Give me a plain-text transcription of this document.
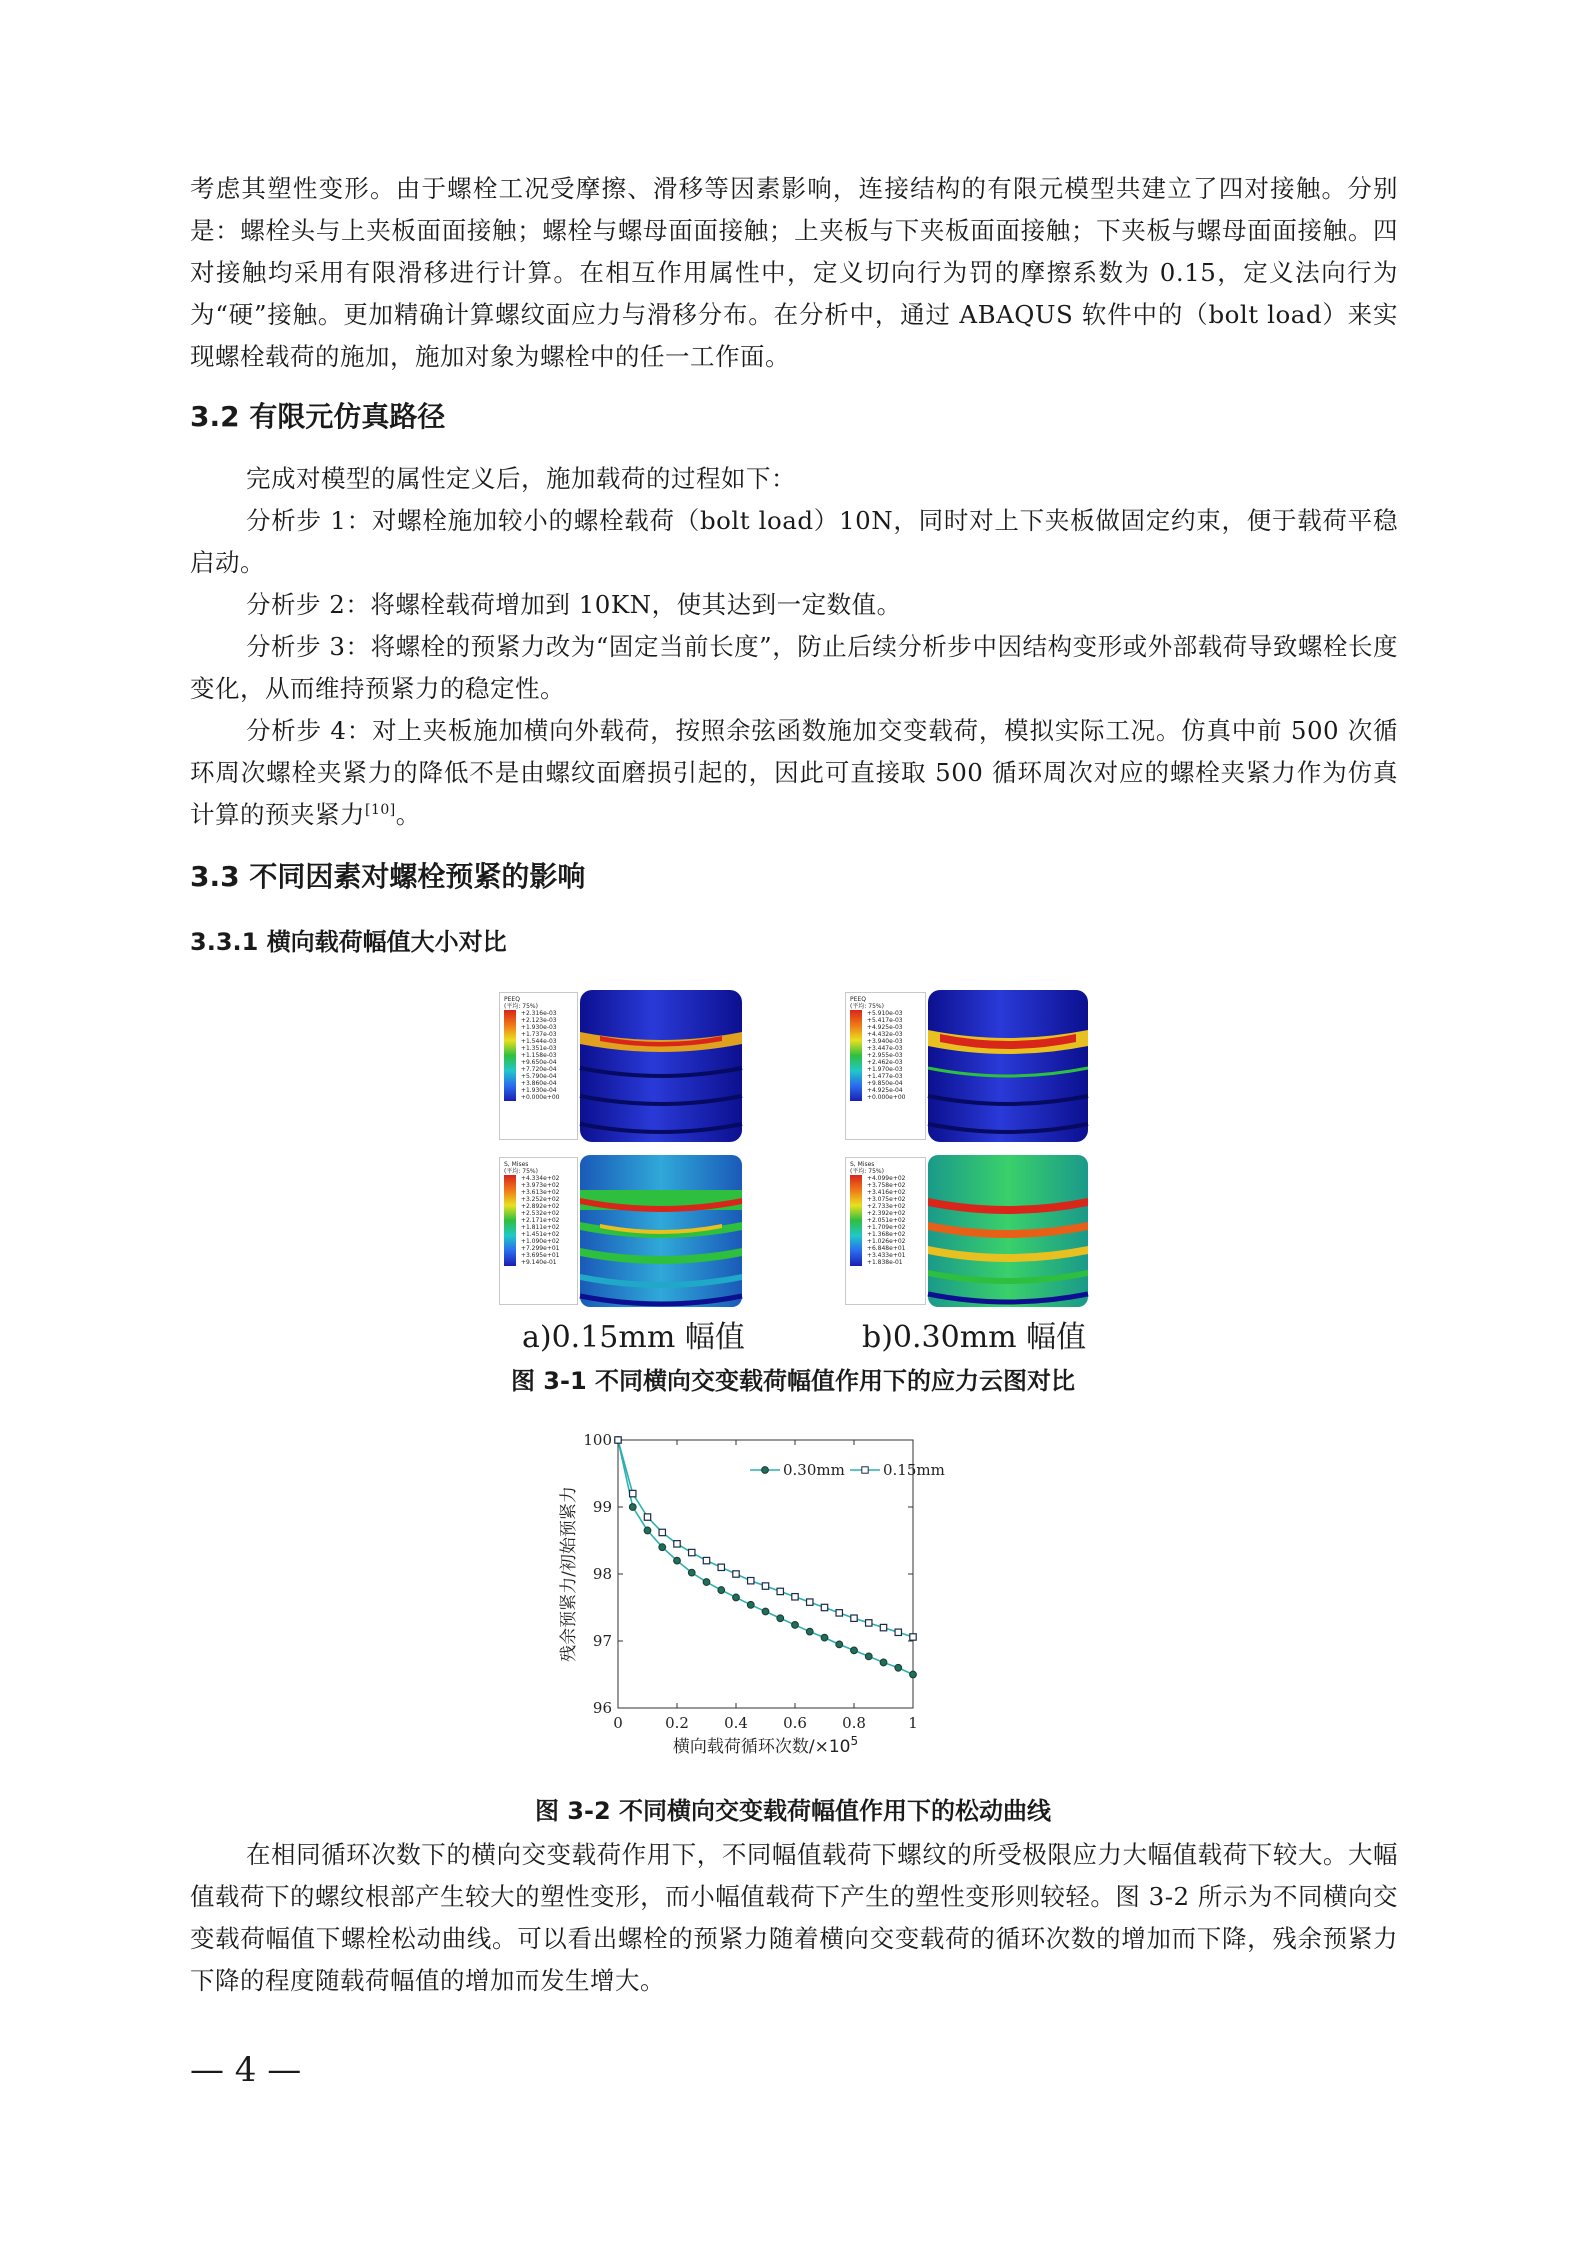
考虑其塑性变形。由于螺栓工况受摩擦、滑移等因素影响，连接结构的有限元模型共建立了四对接触。分别是：螺栓头与上夹板面面接触；螺栓与螺母面面接触；上夹板与下夹板面面接触；下夹板与螺母面面接触。四对接触均采用有限滑移进行计算。在相互作用属性中，定义切向行为罚的摩擦系数为 0.15，定义法向行为为“硬”接触。更加精确计算螺纹面应力与滑移分布。在分析中，通过 ABAQUS 软件中的（bolt load）来实现螺栓载荷的施加，施加对象为螺栓中的任一工作面。

3.2 有限元仿真路径

完成对模型的属性定义后，施加载荷的过程如下：

分析步 1：对螺栓施加较小的螺栓载荷（bolt load）10N，同时对上下夹板做固定约束，便于载荷平稳启动。

分析步 2：将螺栓载荷增加到 10KN，使其达到一定数值。

分析步 3：将螺栓的预紧力改为“固定当前长度”，防止后续分析步中因结构变形或外部载荷导致螺栓长度变化，从而维持预紧力的稳定性。

分析步 4：对上夹板施加横向外载荷，按照余弦函数施加交变载荷，模拟实际工况。仿真中前 500 次循环周次螺栓夹紧力的降低不是由螺纹面磨损引起的，因此可直接取 500 循环周次对应的螺栓夹紧力作为仿真计算的预夹紧力[10]。

3.3 不同因素对螺栓预紧的影响
3.3.1 横向载荷幅值大小对比
PEEQ
(平均: 75%)

+2.316e-03
+2.123e-03
+1.930e-03
+1.737e-03
+1.544e-03
+1.351e-03
+1.158e-03
+9.650e-04
+7.720e-04
+5.790e-04
+3.860e-04
+1.930e-04
+0.000e+00
PEEQ
(平均: 75%)

+5.910e-03
+5.417e-03
+4.925e-03
+4.432e-03
+3.940e-03
+3.447e-03
+2.955e-03
+2.462e-03
+1.970e-03
+1.477e-03
+9.850e-04
+4.925e-04
+0.000e+00
S, Mises
(平均: 75%)

+4.334e+02
+3.973e+02
+3.613e+02
+3.252e+02
+2.892e+02
+2.532e+02
+2.171e+02
+1.811e+02
+1.451e+02
+1.090e+02
+7.299e+01
+3.695e+01
+9.140e-01
S, Mises
(平均: 75%)

+4.099e+02
+3.758e+02
+3.416e+02
+3.075e+02
+2.733e+02
+2.392e+02
+2.051e+02
+1.709e+02
+1.368e+02
+1.026e+02
+6.848e+01
+3.433e+01
+1.838e-01
a)0.15mm 幅值	b)0.30mm 幅值
图 3-1 不同横向交变载荷幅值作用下的应力云图对比
0	0.2 0.4 0.6 0.8	1
96
97
98
99
100
横向载荷循环次数$/\times 10^5$
残余预紧力/初始预紧力
0.30mm	0.15mm
图 3-2 不同横向交变载荷幅值作用下的松动曲线

在相同循环次数下的横向交变载荷作用下，不同幅值载荷下螺纹的所受极限应力大幅值载荷下较大。大幅值载荷下的螺纹根部产生较大的塑性变形，而小幅值载荷下产生的塑性变形则较轻。图 3-2 所示为不同横向交变载荷幅值下螺栓松动曲线。可以看出螺栓的预紧力随着横向交变载荷的循环次数的增加而下降，残余预紧力下降的程度随载荷幅值的增加而发生增大。

— 4 —
